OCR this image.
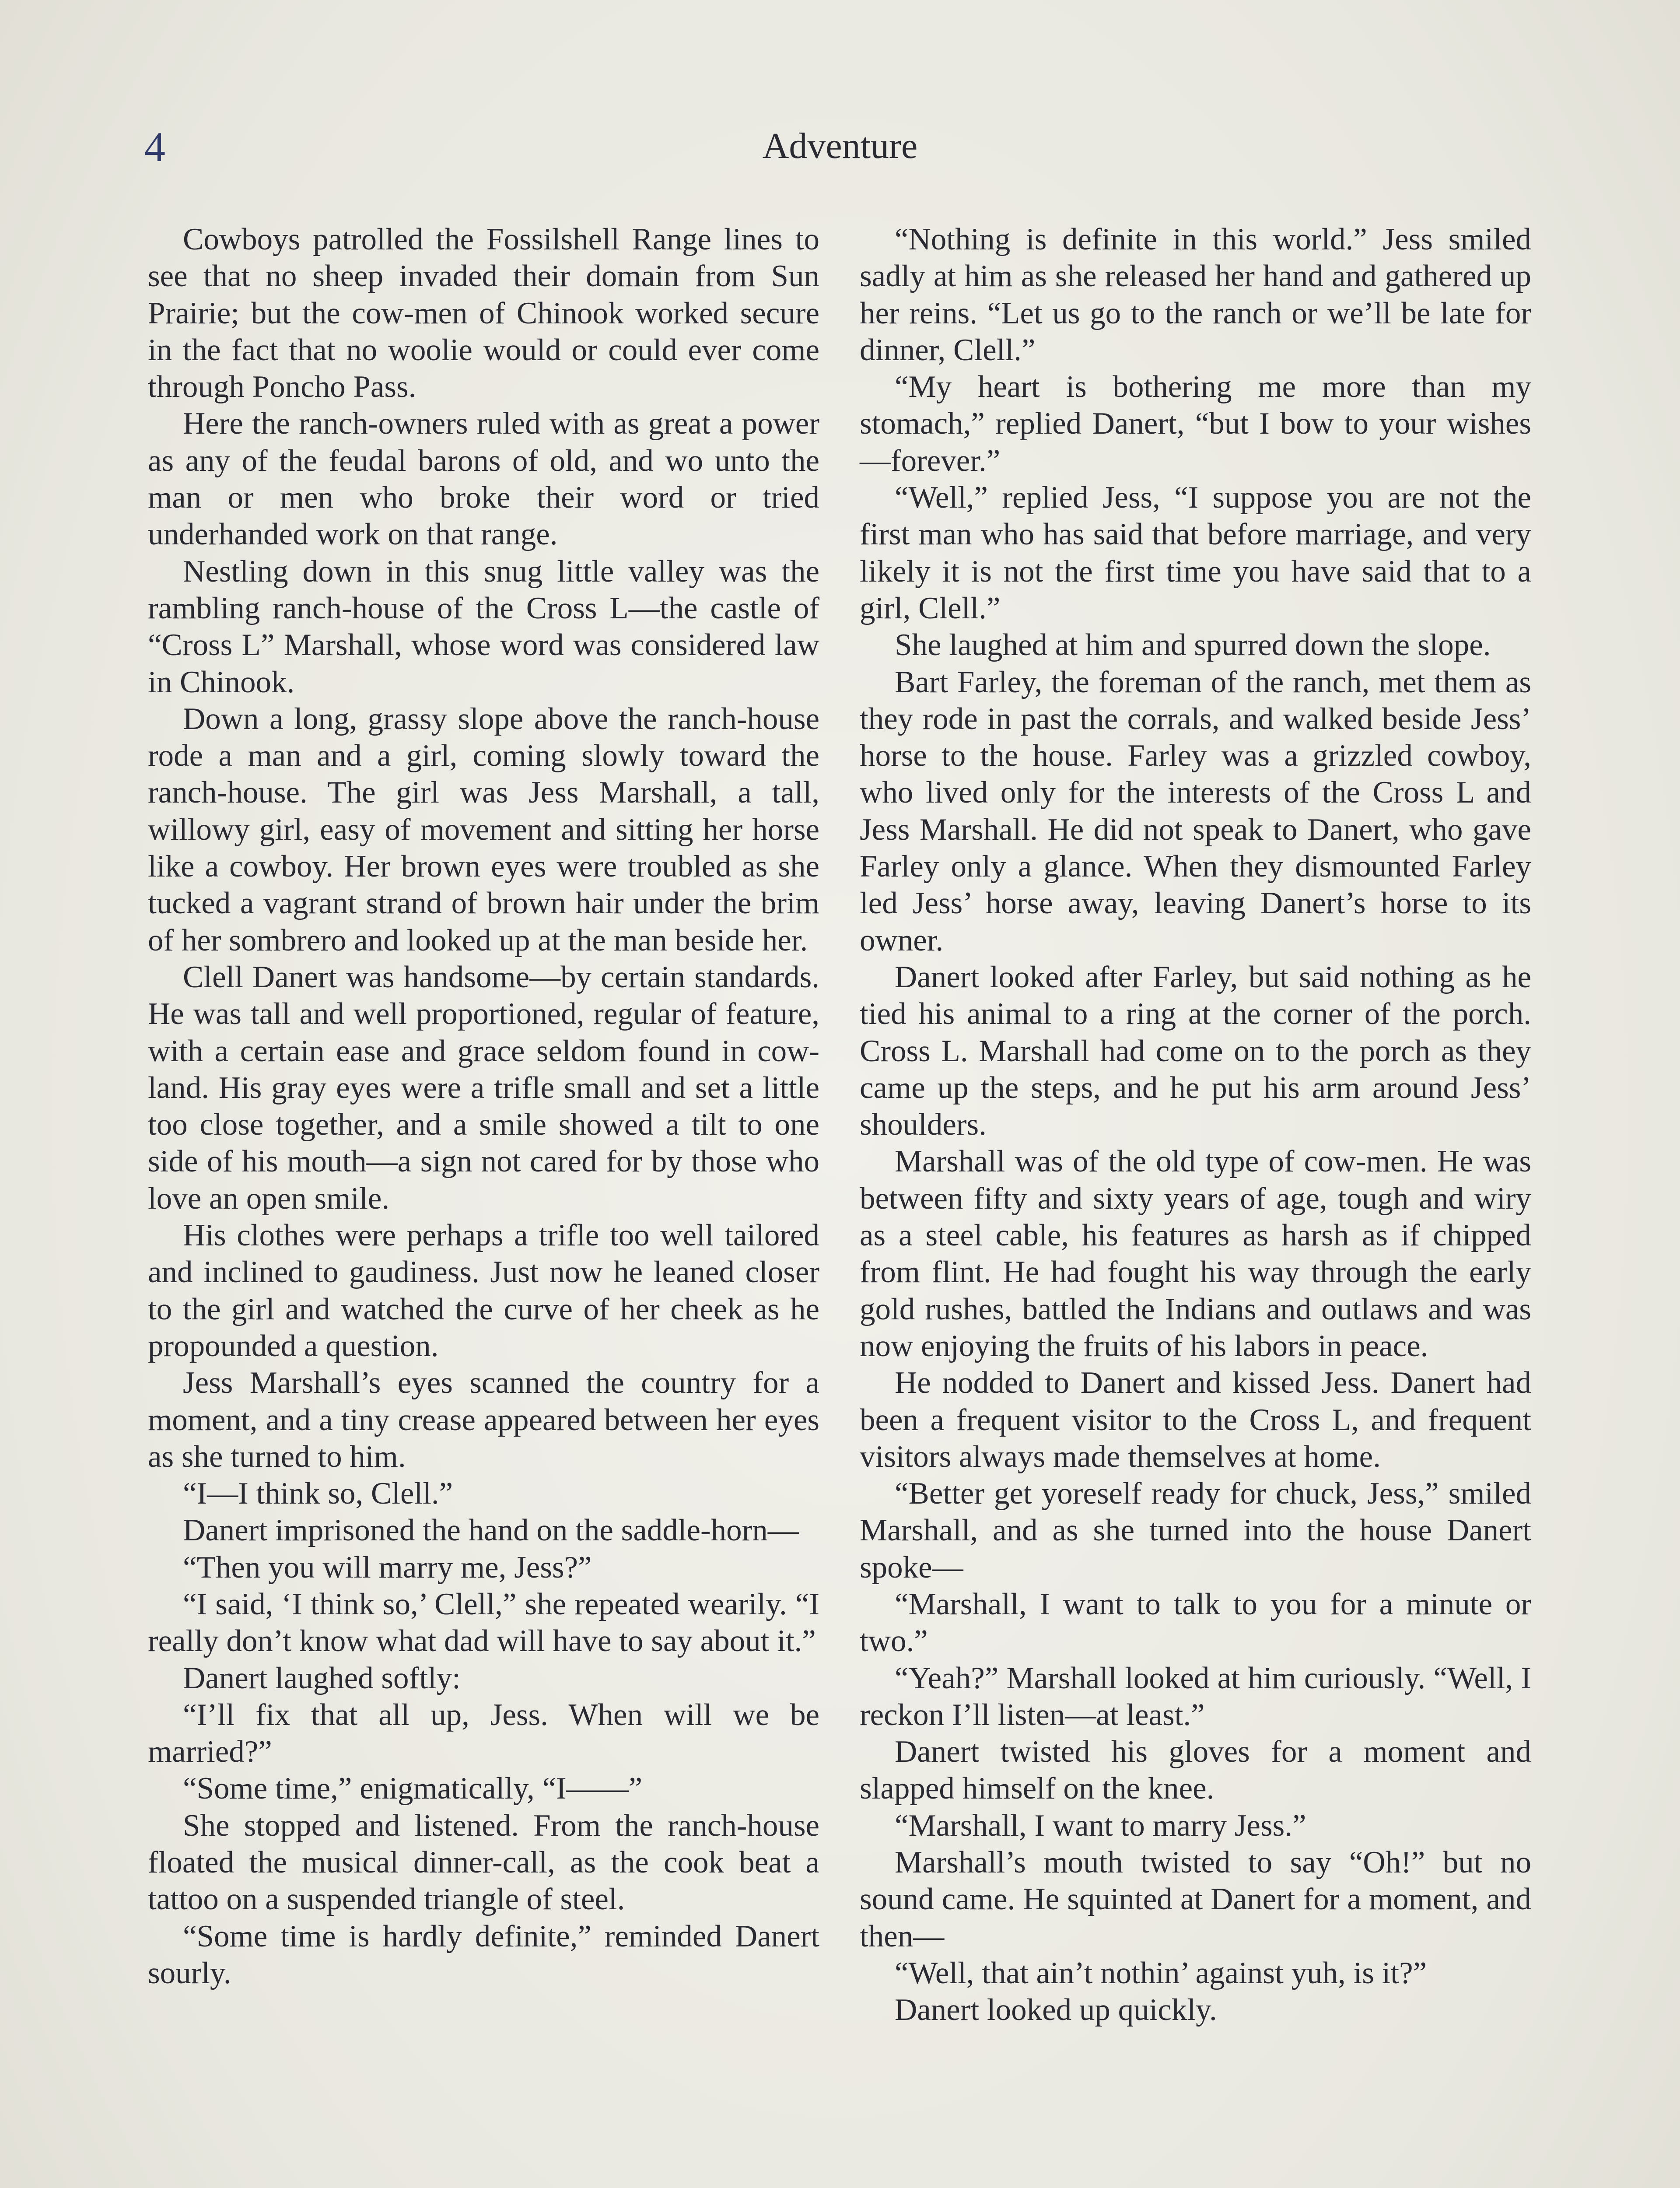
4	Adventure

Cowboys patrolled the Fossilshell Range lines to see that no sheep invaded their domain from Sun Prairie; but the cow-men of Chinook worked secure in the fact that no woolie would or could ever come through Poncho Pass.

Here the ranch-owners ruled with as great a power as any of the feudal barons of old, and wo unto the man or men who broke their word or tried underhanded work on that range.

Nestling down in this snug little valley was the rambling ranch-house of the Cross L—the castle of “Cross L” Marshall, whose word was considered law in Chinook.

Down a long, grassy slope above the ranch-house rode a man and a girl, coming slowly toward the ranch-house. The girl was Jess Marshall, a tall, willowy girl, easy of movement and sitting her horse like a cowboy. Her brown eyes were troubled as she tucked a vagrant strand of brown hair under the brim of her sombrero and looked up at the man beside her.

Clell Danert was handsome—by certain standards. He was tall and well proportioned, regular of feature, with a certain ease and grace seldom found in cow-land. His gray eyes were a trifle small and set a little too close together, and a smile showed a tilt to one side of his mouth—a sign not cared for by those who love an open smile.

His clothes were perhaps a trifle too well tailored and inclined to gaudiness. Just now he leaned closer to the girl and watched the curve of her cheek as he propounded a question.

Jess Marshall’s eyes scanned the country for a moment, and a tiny crease appeared between her eyes as she turned to him.

“I—I think so, Clell.”

Danert imprisoned the hand on the saddle-horn—

“Then you will marry me, Jess?”

“I said, ‘I think so,’ Clell,” she repeated wearily. “I really don’t know what dad will have to say about it.”

Danert laughed softly:

“I’ll fix that all up, Jess. When will we be married?”

“Some time,” enigmatically, “I——”

She stopped and listened. From the ranch-house floated the musical dinner-call, as the cook beat a tattoo on a suspended triangle of steel.

“Some time is hardly definite,” reminded Danert sourly.

“Nothing is definite in this world.” Jess smiled sadly at him as she released her hand and gathered up her reins. “Let us go to the ranch or we’ll be late for dinner, Clell.”

“My heart is bothering me more than my stomach,” replied Danert, “but I bow to your wishes—forever.”

“Well,” replied Jess, “I suppose you are not the first man who has said that before marriage, and very likely it is not the first time you have said that to a girl, Clell.”

She laughed at him and spurred down the slope.

Bart Farley, the foreman of the ranch, met them as they rode in past the corrals, and walked beside Jess’ horse to the house. Farley was a grizzled cowboy, who lived only for the interests of the Cross L and Jess Marshall. He did not speak to Danert, who gave Farley only a glance. When they dismounted Farley led Jess’ horse away, leaving Danert’s horse to its owner.

Danert looked after Farley, but said nothing as he tied his animal to a ring at the corner of the porch. Cross L. Marshall had come on to the porch as they came up the steps, and he put his arm around Jess’ shoulders.

Marshall was of the old type of cow-men. He was between fifty and sixty years of age, tough and wiry as a steel cable, his features as harsh as if chipped from flint. He had fought his way through the early gold rushes, battled the Indians and outlaws and was now enjoying the fruits of his labors in peace.

He nodded to Danert and kissed Jess. Danert had been a frequent visitor to the Cross L, and frequent visitors always made themselves at home.

“Better get yoreself ready for chuck, Jess,” smiled Marshall, and as she turned into the house Danert spoke—

“Marshall, I want to talk to you for a minute or two.”

“Yeah?” Marshall looked at him curiously. “Well, I reckon I’ll listen—at least.”

Danert twisted his gloves for a moment and slapped himself on the knee.

“Marshall, I want to marry Jess.”

Marshall’s mouth twisted to say “Oh!” but no sound came. He squinted at Danert for a moment, and then—

“Well, that ain’t nothin’ against yuh, is it?”

Danert looked up quickly.
